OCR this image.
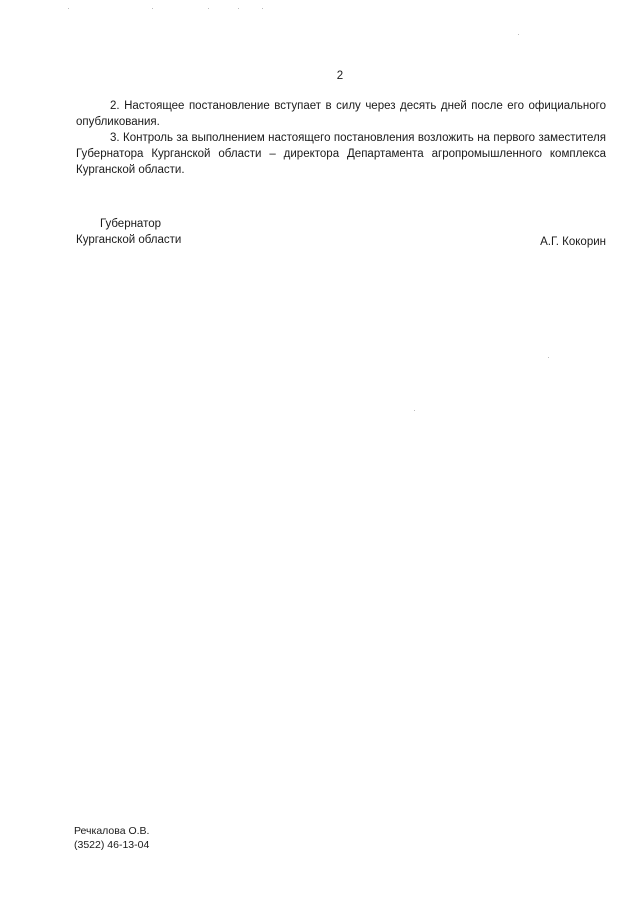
2

2. Настоящее постановление вступает в силу через десять дней после его официального опубликования.

3. Контроль за выполнением настоящего постановления возложить на первого заместителя Губернатора Курганской области – директора Департамента агропромышленного комплекса Курганской области.

Губернатор
Курганской области	А.Г. Кокорин
Речкалова О.В.
(3522) 46-13-04
